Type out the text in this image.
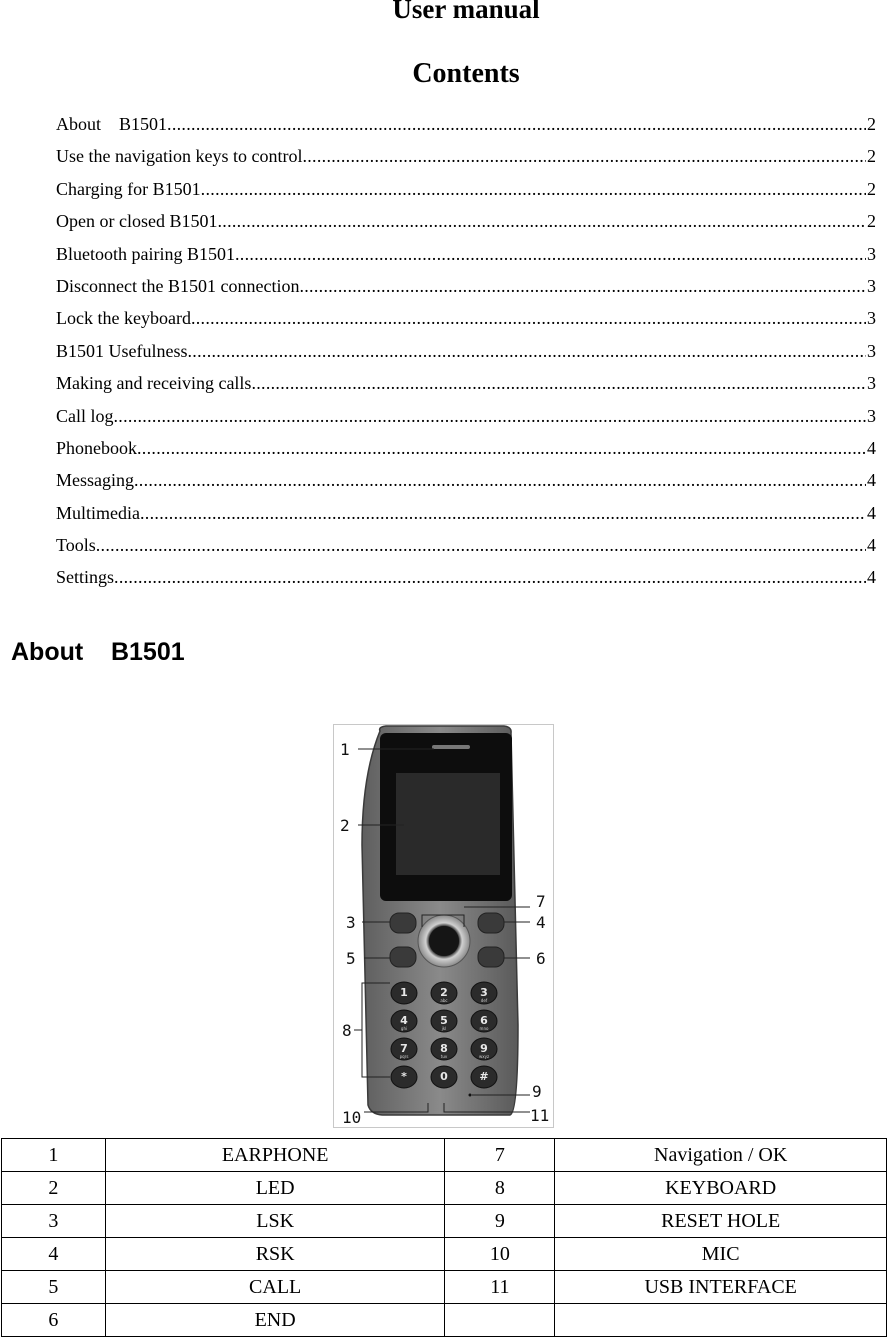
User manual
Contents
About    B1501 .....	2
Use the navigation keys to control .....	2
Charging for B1501 .....	2
Open or closed B1501 .....	2
Bluetooth pairing B1501 .....	3
Disconnect the B1501 connection .....	3
Lock the keyboard .....	3
B1501 Usefulness .....	3
Making and receiving calls .....	3
Call log .....	3
Phonebook .....	4
Messaging .....	4
Multimedia .....	4
Tools .....	4
Settings .....	4
About    B1501
1	2
abc
3
def
4
ghi
5
jkl
6
mno
7
pqrs
8
tuv
9
wxyz
*	0	#
1
2
3	4
5	6
7
8
9
10	11
1	EARPHONE	7	Navigation / OK
2	LED	8	KEYBOARD
3	LSK	9	RESET HOLE
4	RSK	10	MIC
5	CALL	11	USB INTERFACE
6	END		
